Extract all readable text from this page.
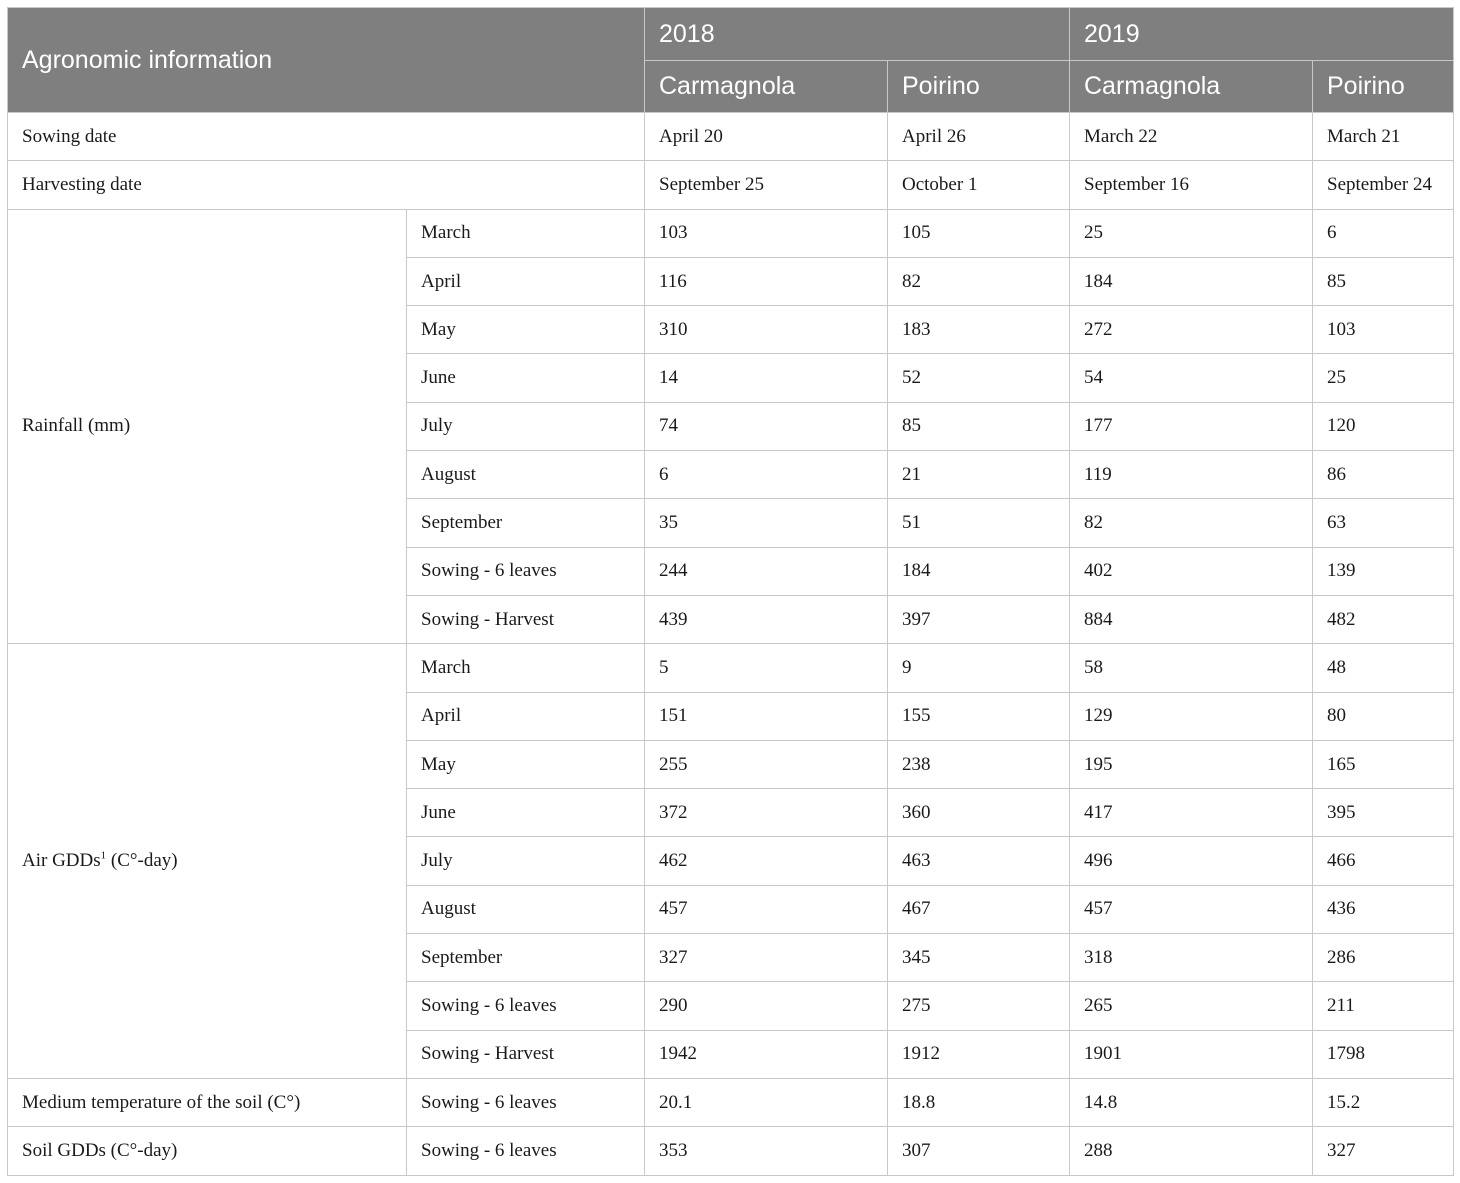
Agronomic information		2018		2019	
		Carmagnola	Poirino	Carmagnola	Poirino
Sowing date		April 20	April 26	March 22	March 21
Harvesting date		September 25	October 1	September 16	September 24
Rainfall (mm)	March	103	105	25	6
	April	116	82	184	85
	May	310	183	272	103
	June	14	52	54	25
	July	74	85	177	120
	August	6	21	119	86
	September	35	51	82	63
	Sowing - 6 leaves	244	184	402	139
	Sowing - Harvest	439	397	884	482
Air GDDs$^1$ (C°-day)	March	5	9	58	48
	April	151	155	129	80
	May	255	238	195	165
	June	372	360	417	395
	July	462	463	496	466
	August	457	467	457	436
	September	327	345	318	286
	Sowing - 6 leaves	290	275	265	211
	Sowing - Harvest	1942	1912	1901	1798
Medium temperature of the soil (C°)	Sowing - 6 leaves	20.1	18.8	14.8	15.2
Soil GDDs (C°-day)	Sowing - 6 leaves	353	307	288	327
